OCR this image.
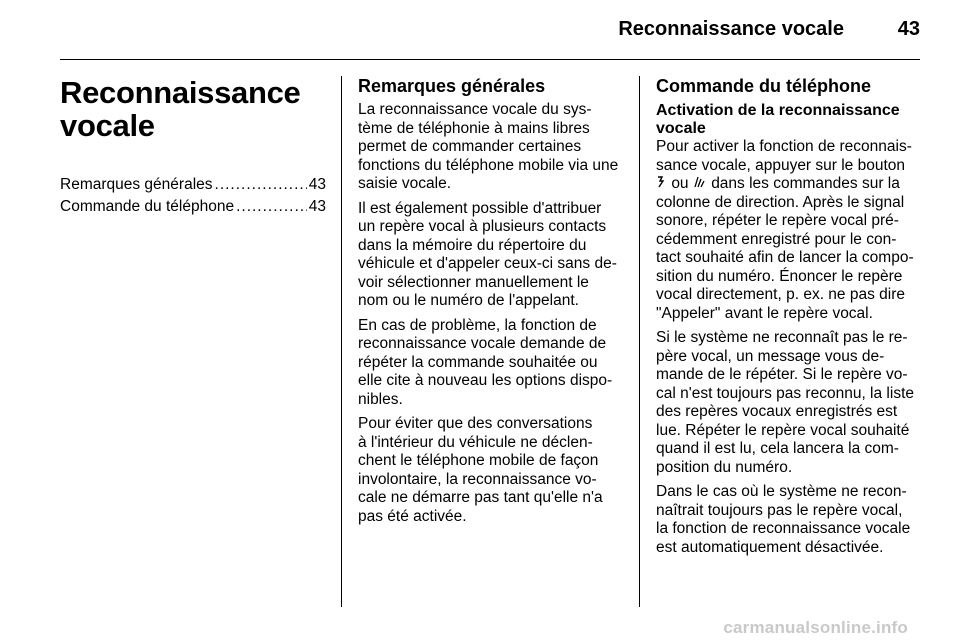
Reconnaissance vocale	43
Reconnaissance
vocale
Remarques générales .....	43
Commande du téléphone .....	43
Remarques générales
La reconnaissance vocale du sys-
tème de téléphonie à mains libres
permet de commander certaines
fonctions du téléphone mobile via une
saisie vocale.
Il est également possible d'attribuer
un repère vocal à plusieurs contacts
dans la mémoire du répertoire du
véhicule et d'appeler ceux-ci sans de-
voir sélectionner manuellement le
nom ou le numéro de l'appelant.
En cas de problème, la fonction de
reconnaissance vocale demande de
répéter la commande souhaitée ou
elle cite à nouveau les options dispo-
nibles.
Pour éviter que des conversations
à l'intérieur du véhicule ne déclen-
chent le téléphone mobile de façon
involontaire, la reconnaissance vo-
cale ne démarre pas tant qu'elle n'a
pas été activée.
Commande du téléphone
Activation de la reconnaissance
vocale
Pour activer la fonction de reconnais-
sance vocale, appuyer sur le bouton
ou dans les commandes sur la
colonne de direction. Après le signal
sonore, répéter le repère vocal pré-
cédemment enregistré pour le con-
tact souhaité afin de lancer la compo-
sition du numéro. Énoncer le repère
vocal directement, p. ex. ne pas dire
"Appeler" avant le repère vocal.
Si le système ne reconnaît pas le re-
père vocal, un message vous de-
mande de le répéter. Si le repère vo-
cal n'est toujours pas reconnu, la liste
des repères vocaux enregistrés est
lue. Répéter le repère vocal souhaité
quand il est lu, cela lancera la com-
position du numéro.
Dans le cas où le système ne recon-
naîtrait toujours pas le repère vocal,
la fonction de reconnaissance vocale
est automatiquement désactivée.
carmanualsonline.info
